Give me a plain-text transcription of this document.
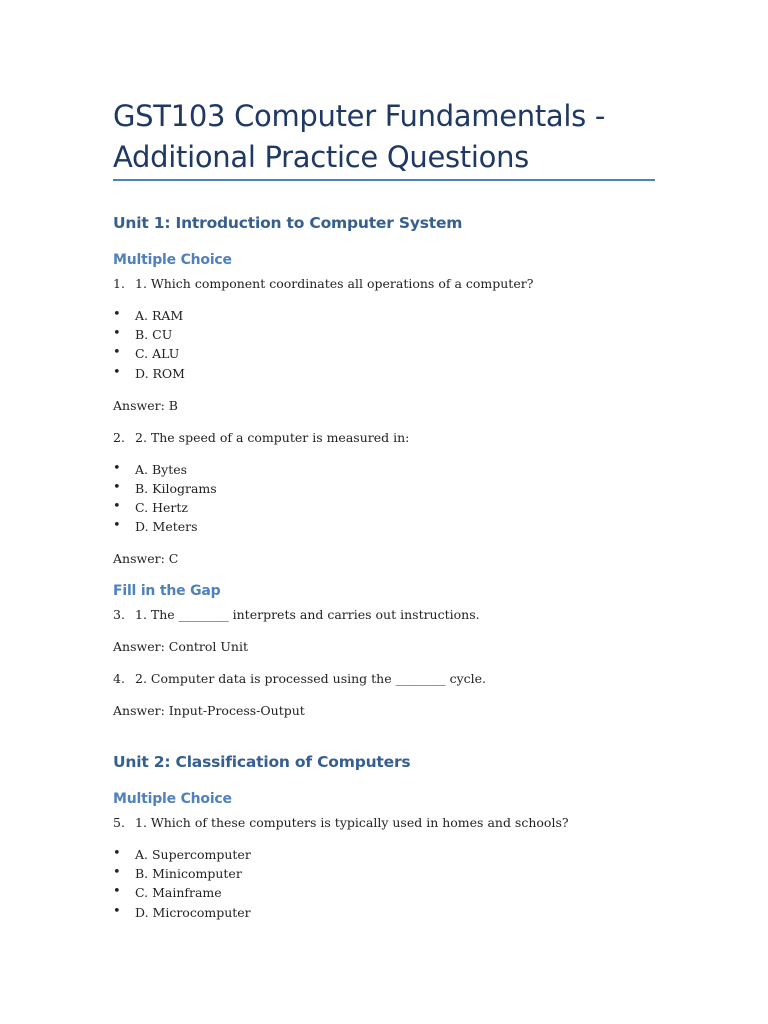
GST103 Computer Fundamentals - Additional Practice Questions
Unit 1: Introduction to Computer System
Multiple Choice
1. 1. Which component coordinates all operations of a computer?
• A. RAM
• B. CU
• C. ALU
• D. ROM
Answer: B
2. 2. The speed of a computer is measured in:
• A. Bytes
• B. Kilograms
• C. Hertz
• D. Meters
Answer: C
Fill in the Gap
3. 1. The ________ interprets and carries out instructions.
Answer: Control Unit
4. 2. Computer data is processed using the ________ cycle.
Answer: Input-Process-Output
Unit 2: Classification of Computers
Multiple Choice
5. 1. Which of these computers is typically used in homes and schools?
• A. Supercomputer
• B. Minicomputer
• C. Mainframe
• D. Microcomputer
